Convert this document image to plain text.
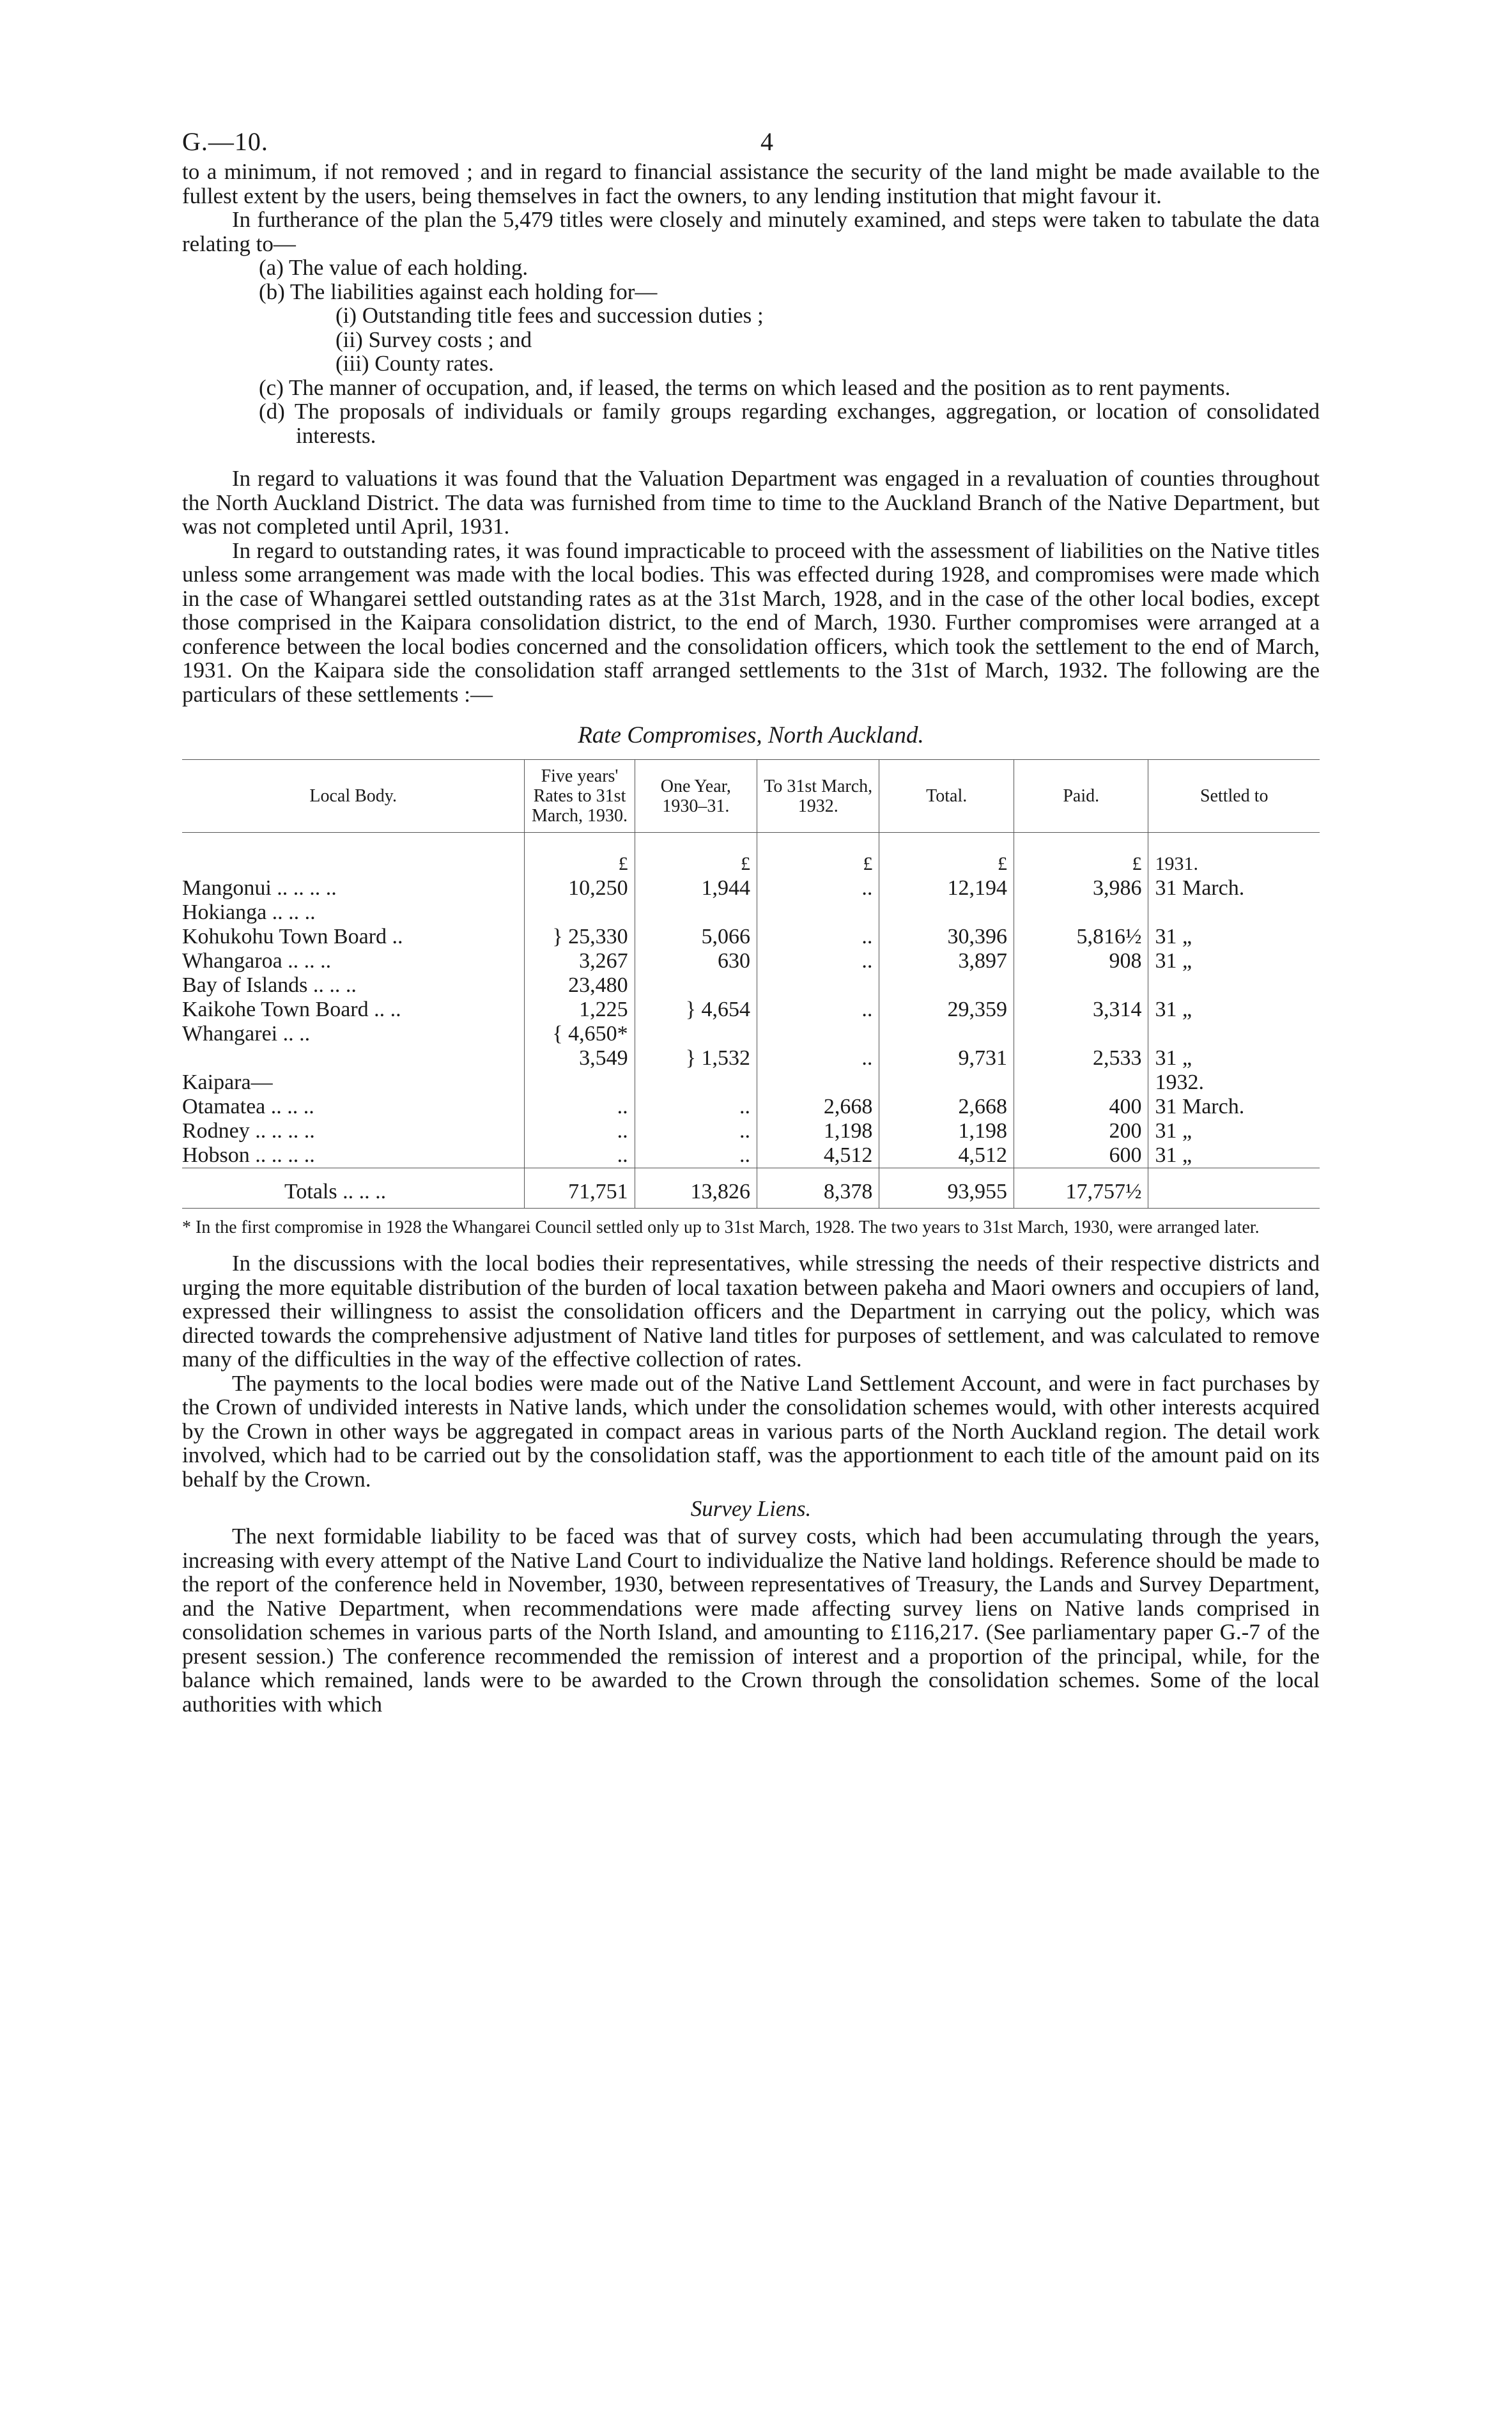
G.—10.	4

to a minimum, if not removed ; and in regard to financial assistance the security of the land might be made available to the fullest extent by the users, being themselves in fact the owners, to any lending institution that might favour it.

In furtherance of the plan the 5,479 titles were closely and minutely examined, and steps were taken to tabulate the data relating to—

(a) The value of each holding.
(b) The liabilities against each holding for—
(i) Outstanding title fees and succession duties ;
(ii) Survey costs ; and
(iii) County rates.
(c) The manner of occupation, and, if leased, the terms on which leased and the position as to rent payments.
(d) The proposals of individuals or family groups regarding exchanges, aggregation, or location of consolidated interests.

In regard to valuations it was found that the Valuation Department was engaged in a revaluation of counties throughout the North Auckland District. The data was furnished from time to time to the Auckland Branch of the Native Department, but was not completed until April, 1931.

In regard to outstanding rates, it was found impracticable to proceed with the assessment of liabilities on the Native titles unless some arrangement was made with the local bodies. This was effected during 1928, and compromises were made which in the case of Whangarei settled outstanding rates as at the 31st March, 1928, and in the case of the other local bodies, except those comprised in the Kaipara consolidation district, to the end of March, 1930. Further compromises were arranged at a conference between the local bodies concerned and the consolidation officers, which took the settlement to the end of March, 1931. On the Kaipara side the consolidation staff arranged settlements to the 31st of March, 1932. The following are the particulars of these settlements :—

Rate Compromises, North Auckland.
Local Body.	Five years' Rates to 31st March, 1930.	One Year, 1930–31.	To 31st March, 1932.	Total.	Paid.	Settled to
	£	£	£	£	£	1931.
Mangonui .. .. .. ..	10,250	1,944	..	12,194	3,986	31 March.
Hokianga .. .. ..						
Kohukohu Town Board ..	} 25,330	5,066	..	30,396	5,816½	31 „
Whangaroa .. .. ..	3,267	630	..	3,897	908	31 „
Bay of Islands .. .. ..	23,480					
Kaikohe Town Board .. ..	1,225	} 4,654	..	29,359	3,314	31 „
Whangarei .. ..	{ 4,650*					
	3,549	} 1,532	..	9,731	2,533	31 „
Kaipara—						1932.
Otamatea .. .. ..	..	..	2,668	2,668	400	31 March.
Rodney .. .. .. ..	..	..	1,198	1,198	200	31 „
Hobson .. .. .. ..	..	..	4,512	4,512	600	31 „
Totals .. .. ..	71,751	13,826	8,378	93,955	17,757½	
* In the first compromise in 1928 the Whangarei Council settled only up to 31st March, 1928. The two years to 31st March, 1930, were arranged later.

In the discussions with the local bodies their representatives, while stressing the needs of their respective districts and urging the more equitable distribution of the burden of local taxation between pakeha and Maori owners and occupiers of land, expressed their willingness to assist the consolidation officers and the Department in carrying out the policy, which was directed towards the comprehensive adjustment of Native land titles for purposes of settlement, and was calculated to remove many of the difficulties in the way of the effective collection of rates.

The payments to the local bodies were made out of the Native Land Settlement Account, and were in fact purchases by the Crown of undivided interests in Native lands, which under the consolidation schemes would, with other interests acquired by the Crown in other ways be aggregated in compact areas in various parts of the North Auckland region. The detail work involved, which had to be carried out by the consolidation staff, was the apportionment to each title of the amount paid on its behalf by the Crown.

Survey Liens.

The next formidable liability to be faced was that of survey costs, which had been accumulating through the years, increasing with every attempt of the Native Land Court to individualize the Native land holdings. Reference should be made to the report of the conference held in November, 1930, between representatives of Treasury, the Lands and Survey Department, and the Native Department, when recommendations were made affecting survey liens on Native lands comprised in consolidation schemes in various parts of the North Island, and amounting to £116,217. (See parliamentary paper G.-7 of the present session.) The conference recommended the remission of interest and a proportion of the principal, while, for the balance which remained, lands were to be awarded to the Crown through the consolidation schemes. Some of the local authorities with which
